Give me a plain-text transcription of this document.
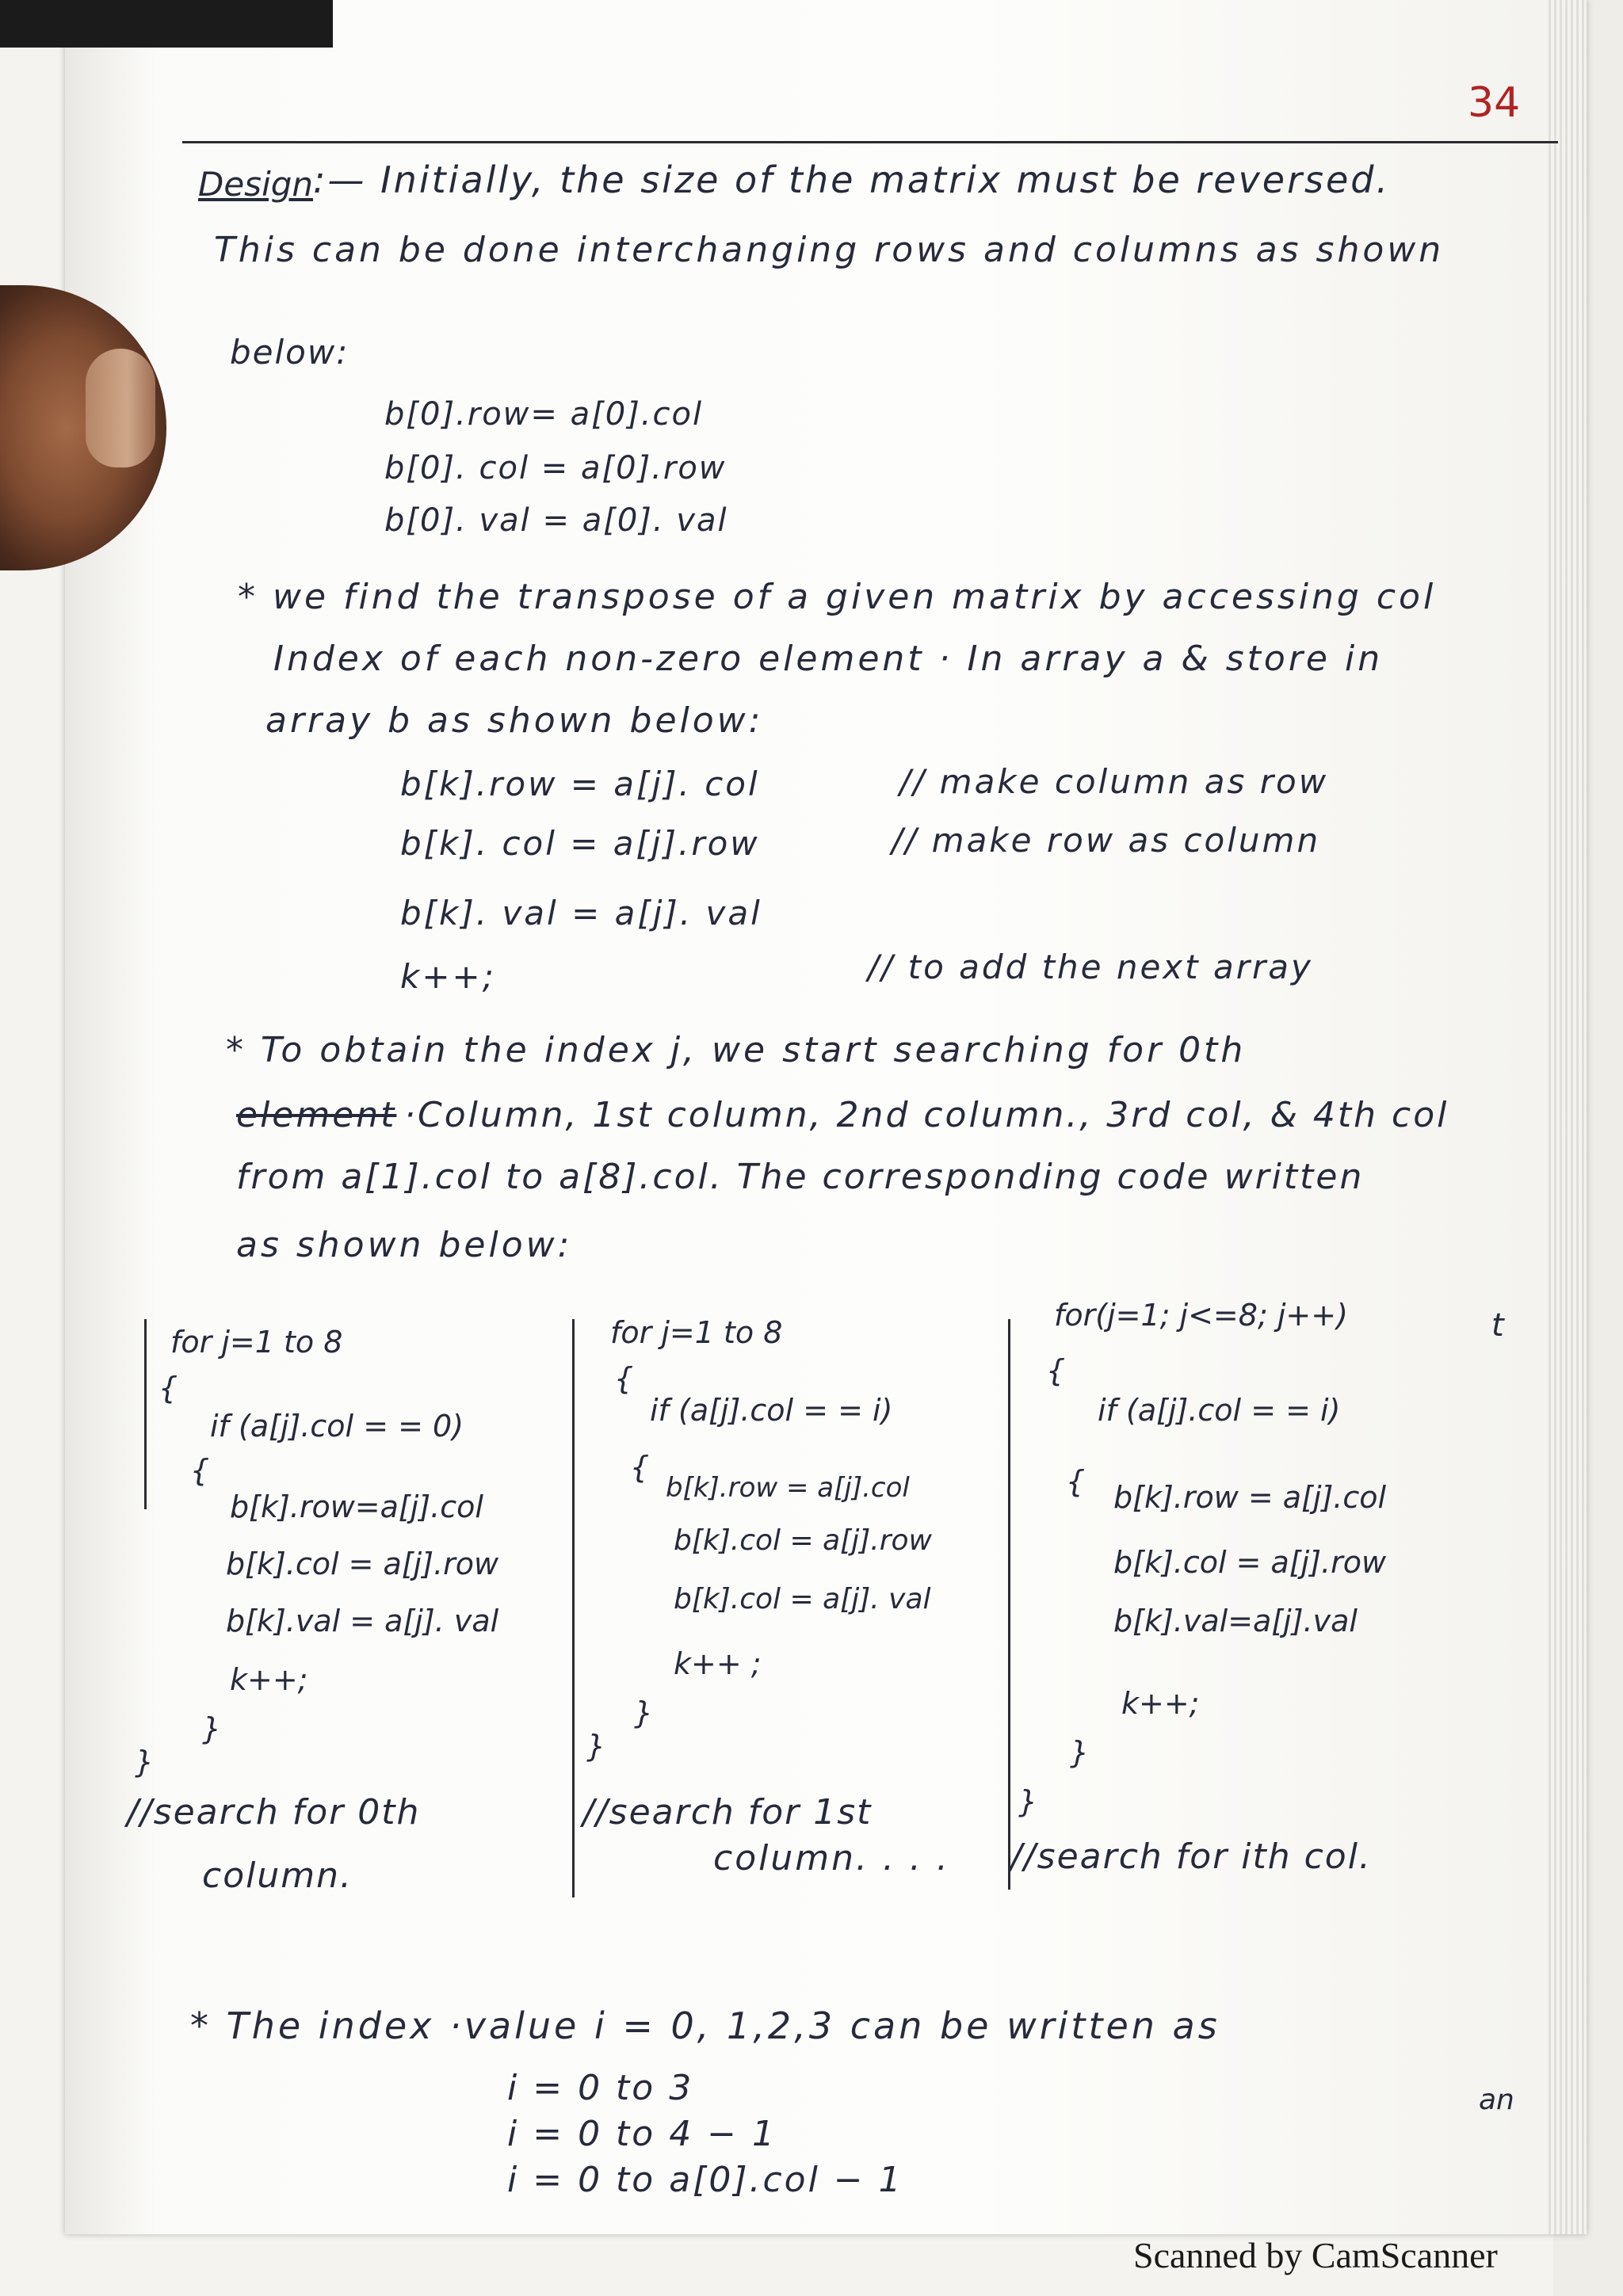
34
Design :— Initially, the size of the matrix must be reversed.
This can be done interchanging rows and columns as shown
below:
b[0].row= a[0].col
b[0]. col = a[0].row
b[0]. val = a[0]. val
* we find the transpose of a given matrix by accessing col
Index of each non-zero element · In array a & store in
array b as shown below:
b[k].row = a[j]. col	// make column as row
b[k]. col = a[j].row	// make row as column
b[k]. val = a[j]. val
k++;	// to add the next array
* To obtain the index j, we start searching for 0th
element ·Column, 1st column, 2nd column., 3rd col, & 4th col
from a[1].col to a[8].col. The corresponding code written
as shown below:
for j=1 to 8
{
if (a[j].col = = 0)
{
b[k].row=a[j].col
b[k].col = a[j].row
b[k].val = a[j]. val
k++;
}
}
//search for 0th
column.
for j=1 to 8
{
if (a[j].col = = i)
{
b[k].row = a[j].col
b[k].col = a[j].row
b[k].col = a[j]. val
k++ ;
}
}
//search for 1st
column. . . .
for(j=1; j<=8; j++)
{
if (a[j].col = = i)
{ b[k].row = a[j].col
b[k].col = a[j].row
b[k].val=a[j].val
k++;
}
}
//search for ith col.
* The index ·value i = 0, 1,2,3 can be written as
i = 0 to 3
i = 0 to 4 − 1
i = 0 to a[0].col − 1
t
an
Scanned by CamScanner
